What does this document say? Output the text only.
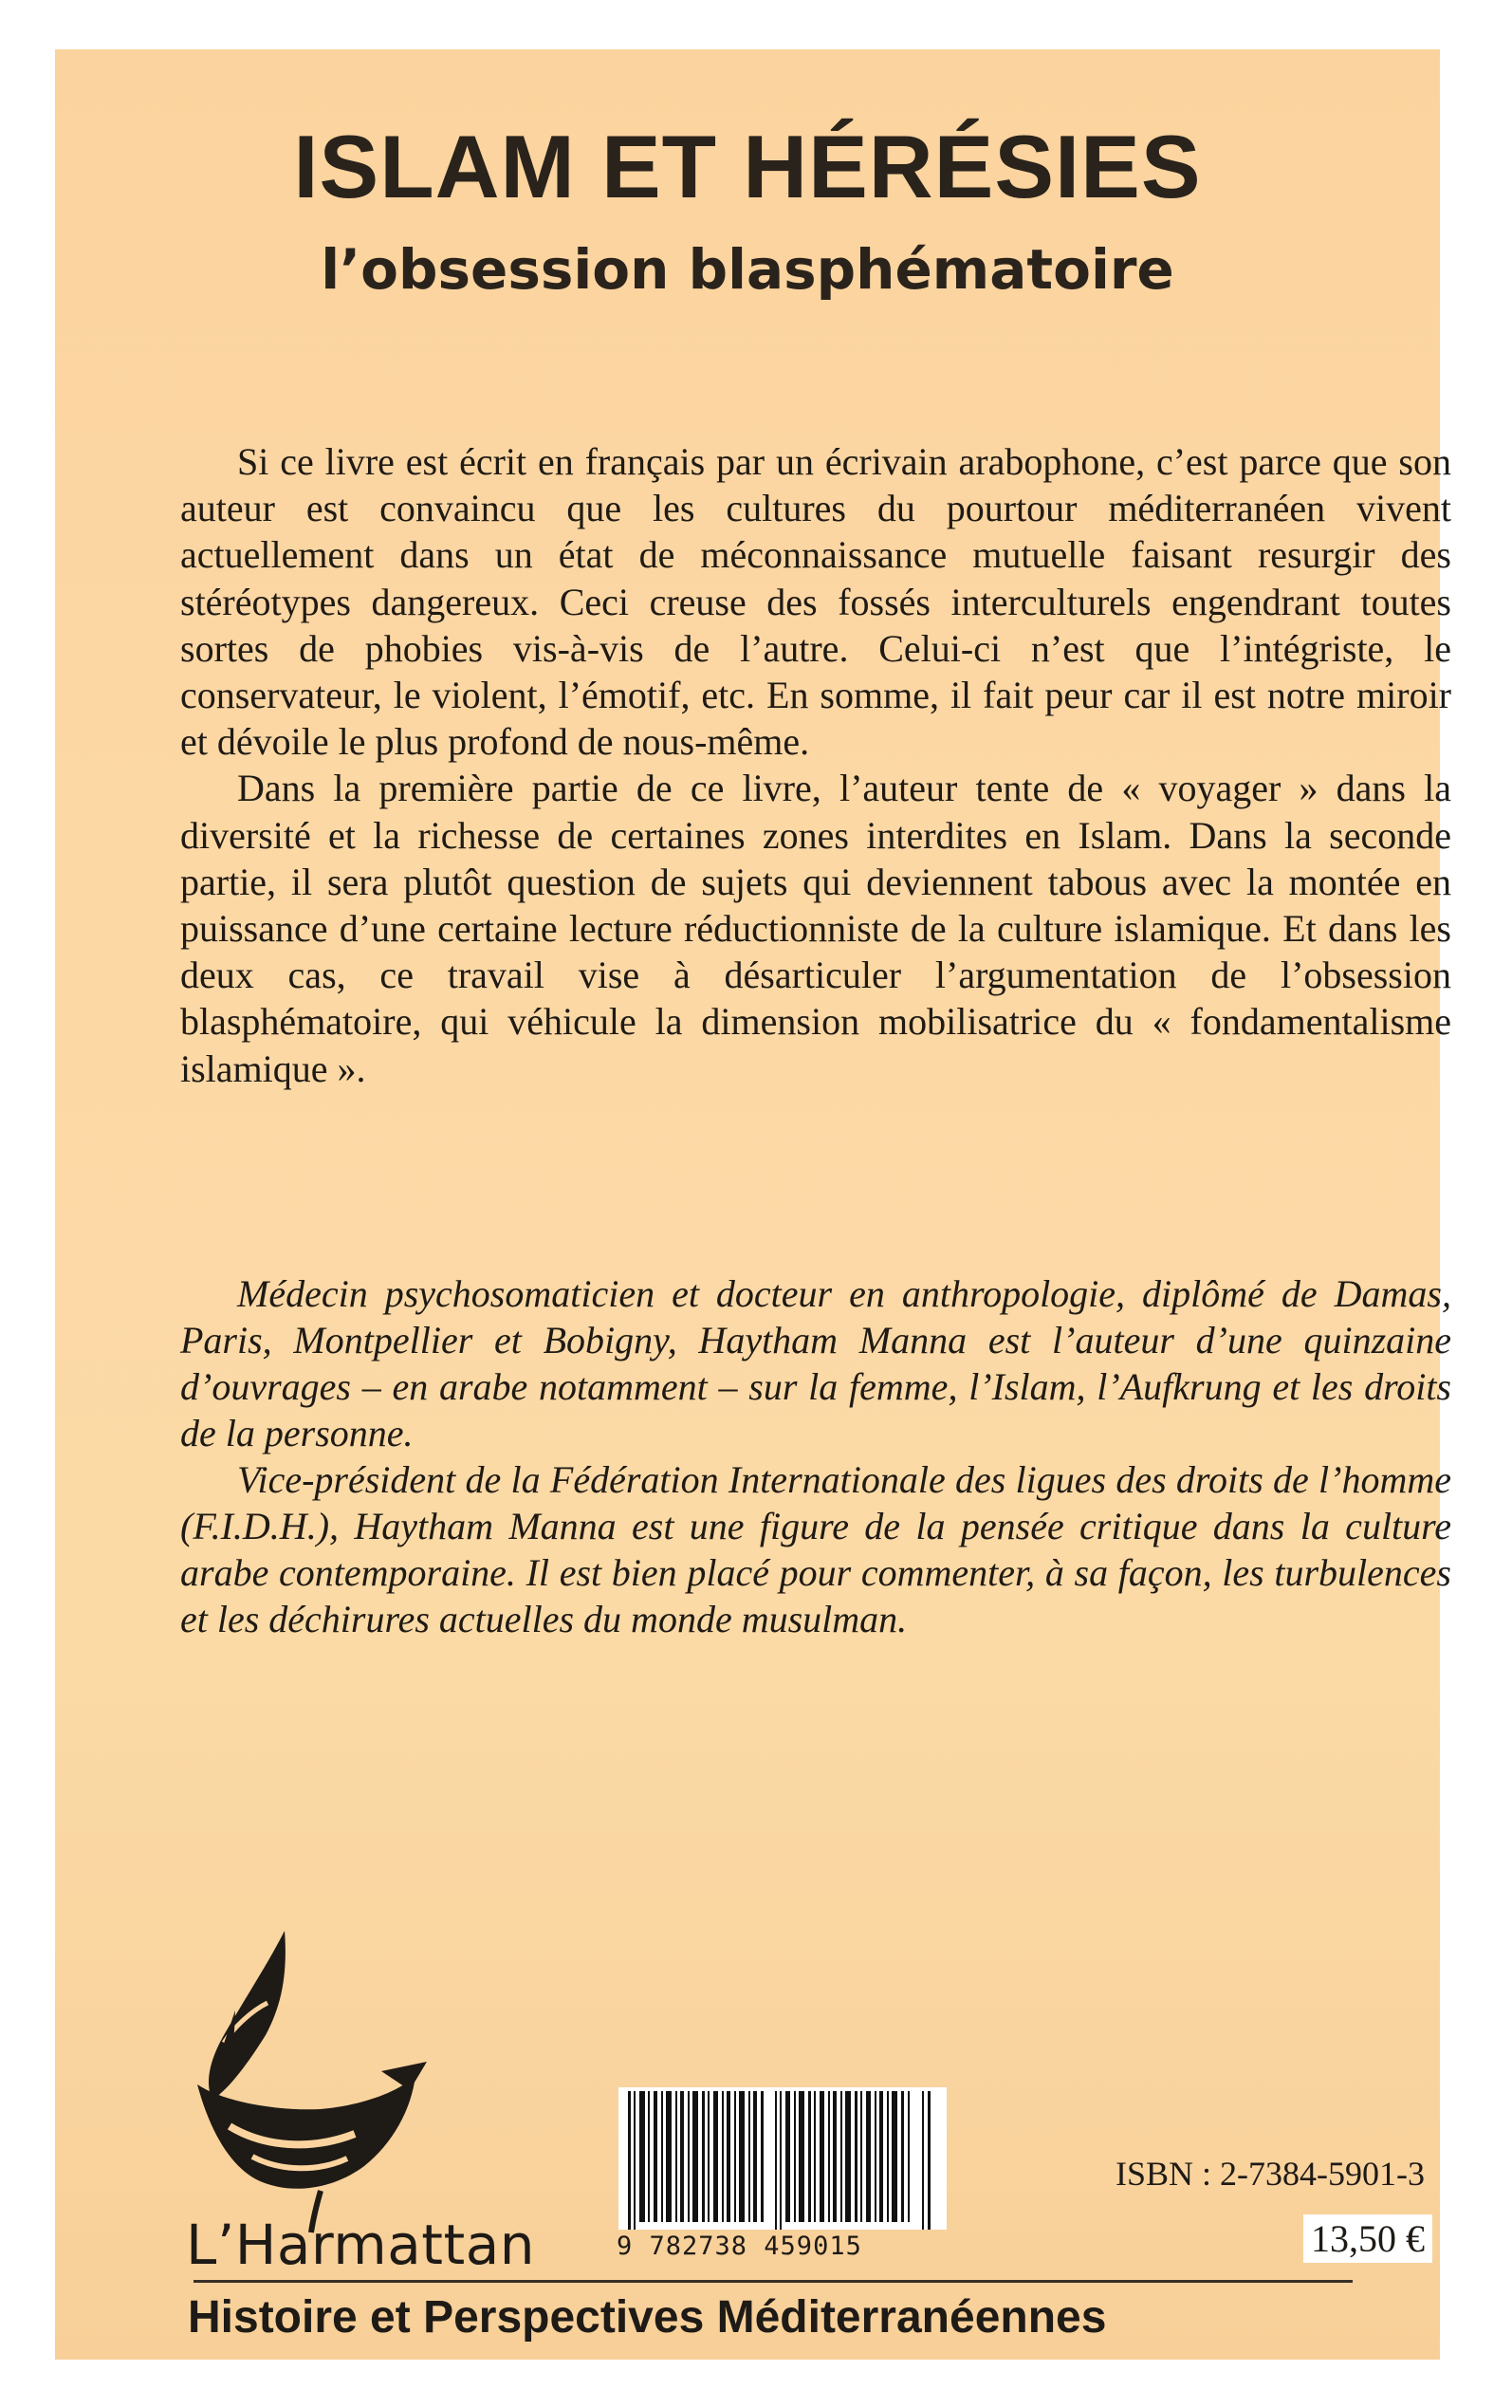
ISLAM ET HÉRÉSIES
l’obsession blasphématoire

Si ce livre est écrit en français par un écrivain arabophone, c’est parce que son auteur est convaincu que les cultures du pourtour méditerranéen vivent actuellement dans un état de méconnaissance mutuelle faisant resurgir des stéréotypes dangereux. Ceci creuse des fossés interculturels engendrant toutes sortes de phobies vis-à-vis de l’autre. Celui-ci n’est que l’intégriste, le conservateur, le violent, l’émotif, etc. En somme, il fait peur car il est notre miroir et dévoile le plus profond de nous-même.

Dans la première partie de ce livre, l’auteur tente de « voyager » dans la diversité et la richesse de certaines zones interdites en Islam. Dans la seconde partie, il sera plutôt question de sujets qui deviennent tabous avec la montée en puissance d’une certaine lecture réductionniste de la culture islamique. Et dans les deux cas, ce travail vise à désarticuler l’argumentation de l’obsession blasphématoire, qui véhicule la dimension mobilisatrice du « fondamentalisme islamique ».

Médecin psychosomaticien et docteur en anthropologie, diplômé de Damas, Paris, Montpellier et Bobigny, Haytham Manna est l’auteur d’une quinzaine d’ouvrages – en arabe notamment – sur la femme, l’Islam, l’Aufkrung et les droits de la personne.

Vice-président de la Fédération Internationale des ligues des droits de l’homme (F.I.D.H.), Haytham Manna est une figure de la pensée critique dans la culture arabe contemporaine. Il est bien placé pour commenter, à sa façon, les turbulences et les déchirures actuelles du monde musulman.

L’Harmattan	9 782738 459015
ISBN : 2-7384-5901-3
13,50 €
Histoire et Perspectives Méditerranéennes
